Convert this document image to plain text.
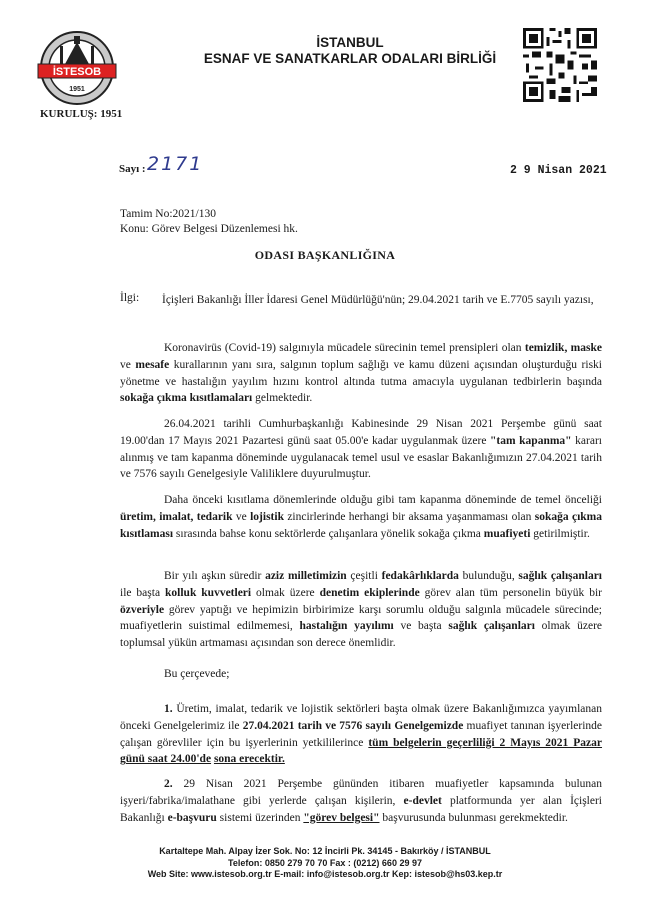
İSTESOB
1951
İSTANBUL
ESNAF VE SANATKARLAR ODALARI BİRLİĞİ
KURULUŞ: 1951
Sayı : 2171	2 9 Nisan 2021
Tamim No:2021/130
Konu: Görev Belgesi Düzenlemesi hk.
ODASI BAŞKANLIĞINA
İlgi: İçişleri Bakanlığı İller İdaresi Genel Müdürlüğü'nün; 29.04.2021 tarih ve E.7705 sayılı yazısı,
Koronavirüs (Covid-19) salgınıyla mücadele sürecinin temel prensipleri olan temizlik, maske ve mesafe kurallarının yanı sıra, salgının toplum sağlığı ve kamu düzeni açısından oluşturduğu riski yönetme ve hastalığın yayılım hızını kontrol altında tutma amacıyla uygulanan tedbirlerin başında sokağa çıkma kısıtlamaları gelmektedir.
26.04.2021 tarihli Cumhurbaşkanlığı Kabinesinde 29 Nisan 2021 Perşembe günü saat 19.00'dan 17 Mayıs 2021 Pazartesi günü saat 05.00'e kadar uygulanmak üzere "tam kapanma" kararı alınmış ve tam kapanma döneminde uygulanacak temel usul ve esaslar Bakanlığımızın 27.04.2021 tarih ve 7576 sayılı Genelgesiyle Valiliklere duyurulmuştur.
Daha önceki kısıtlama dönemlerinde olduğu gibi tam kapanma döneminde de temel önceliği üretim, imalat, tedarik ve lojistik zincirlerinde herhangi bir aksama yaşanmaması olan sokağa çıkma kısıtlaması sırasında bahse konu sektörlerde çalışanlara yönelik sokağa çıkma muafiyeti getirilmiştir.
Bir yılı aşkın süredir aziz milletimizin çeşitli fedakârlıklarda bulunduğu, sağlık çalışanları ile başta kolluk kuvvetleri olmak üzere denetim ekiplerinde görev alan tüm personelin büyük bir özveriyle görev yaptığı ve hepimizin birbirimize karşı sorumlu olduğu salgınla mücadele sürecinde; muafiyetlerin suistimal edilmemesi, hastalığın yayılımı ve başta sağlık çalışanları olmak üzere toplumsal yükün artmaması açısından son derece önemlidir.
Bu çerçevede;
1. Üretim, imalat, tedarik ve lojistik sektörleri başta olmak üzere Bakanlığımızca yayımlanan önceki Genelgelerimiz ile 27.04.2021 tarih ve 7576 sayılı Genelgemizde muafiyet tanınan işyerlerinde çalışan görevliler için bu işyerlerinin yetkililerince tüm belgelerin geçerliliği 2 Mayıs 2021 Pazar günü saat 24.00'de sona erecektir.
2. 29 Nisan 2021 Perşembe gününden itibaren muafiyetler kapsamında bulunan işyeri/fabrika/imalathane gibi yerlerde çalışan kişilerin, e-devlet platformunda yer alan İçişleri Bakanlığı e-başvuru sistemi üzerinden "görev belgesi" başvurusunda bulunması gerekmektedir.
Kartaltepe Mah. Alpay İzer Sok. No: 12 İncirli Pk. 34145 - Bakırköy / İSTANBUL
Telefon: 0850 279 70 70 Fax : (0212) 660 29 97
Web Site: www.istesob.org.tr E-mail: info@istesob.org.tr Kep: istesob@hs03.kep.tr
